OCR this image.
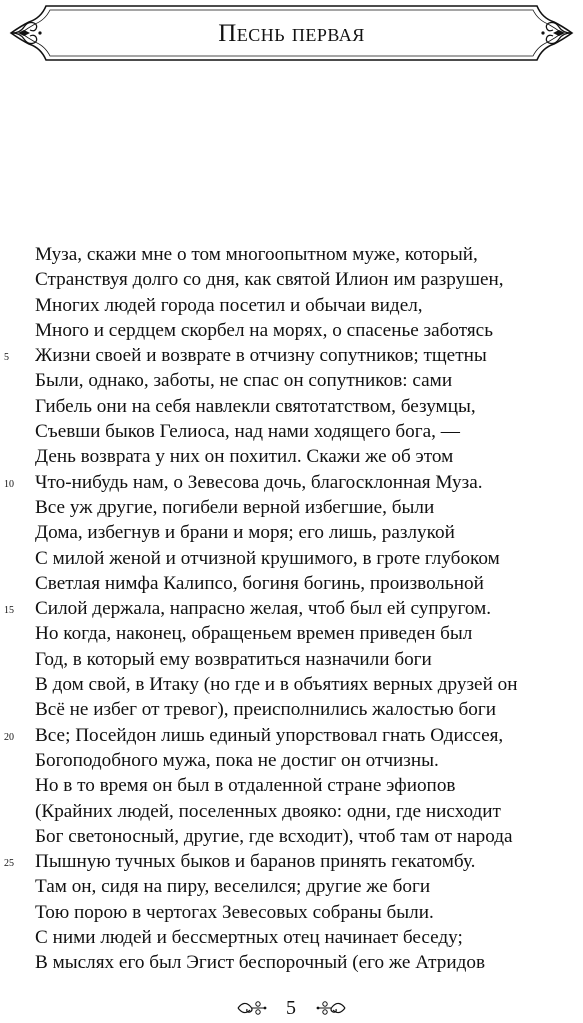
Песнь первая
Муза, скажи мне о том многоопытном муже, который,
Странствуя долго со дня, как святой Илион им разрушен,
Многих людей города посетил и обычаи видел,
Много и сердцем скорбел на морях, о спасенье заботясь
5	Жизни своей и возврате в отчизну сопутников; тщетны
Были, однако, заботы, не спас он сопутников: сами
Гибель они на себя навлекли святотатством, безумцы,
Съевши быков Гелиоса, над нами ходящего бога, —
День возврата у них он похитил. Скажи же об этом
10	Что-нибудь нам, о Зевесова дочь, благосклонная Муза.
Все уж другие, погибели верной избегшие, были
Дома, избегнув и брани и моря; его лишь, разлукой
С милой женой и отчизной крушимого, в гроте глубоком
Светлая нимфа Калипсо, богиня богинь, произвольной
15	Силой держала, напрасно желая, чтоб был ей супругом.
Но когда, наконец, обращеньем времен приведен был
Год, в который ему возвратиться назначили боги
В дом свой, в Итаку (но где и в объятиях верных друзей он
Всё не избег от тревог), преисполнились жалостью боги
20	Все; Посейдон лишь единый упорствовал гнать Одиссея,
Богоподобного мужа, пока не достиг он отчизны.
Но в то время он был в отдаленной стране эфиопов
(Крайних людей, поселенных двояко: одни, где нисходит
Бог светоносный, другие, где всходит), чтоб там от народа
25	Пышную тучных быков и баранов принять гекатомбу.
Там он, сидя на пиру, веселился; другие же боги
Тою порою в чертогах Зевесовых собраны были.
С ними людей и бессмертных отец начинает беседу;
В мыслях его был Эгист беспорочный (его же Атридов
5
